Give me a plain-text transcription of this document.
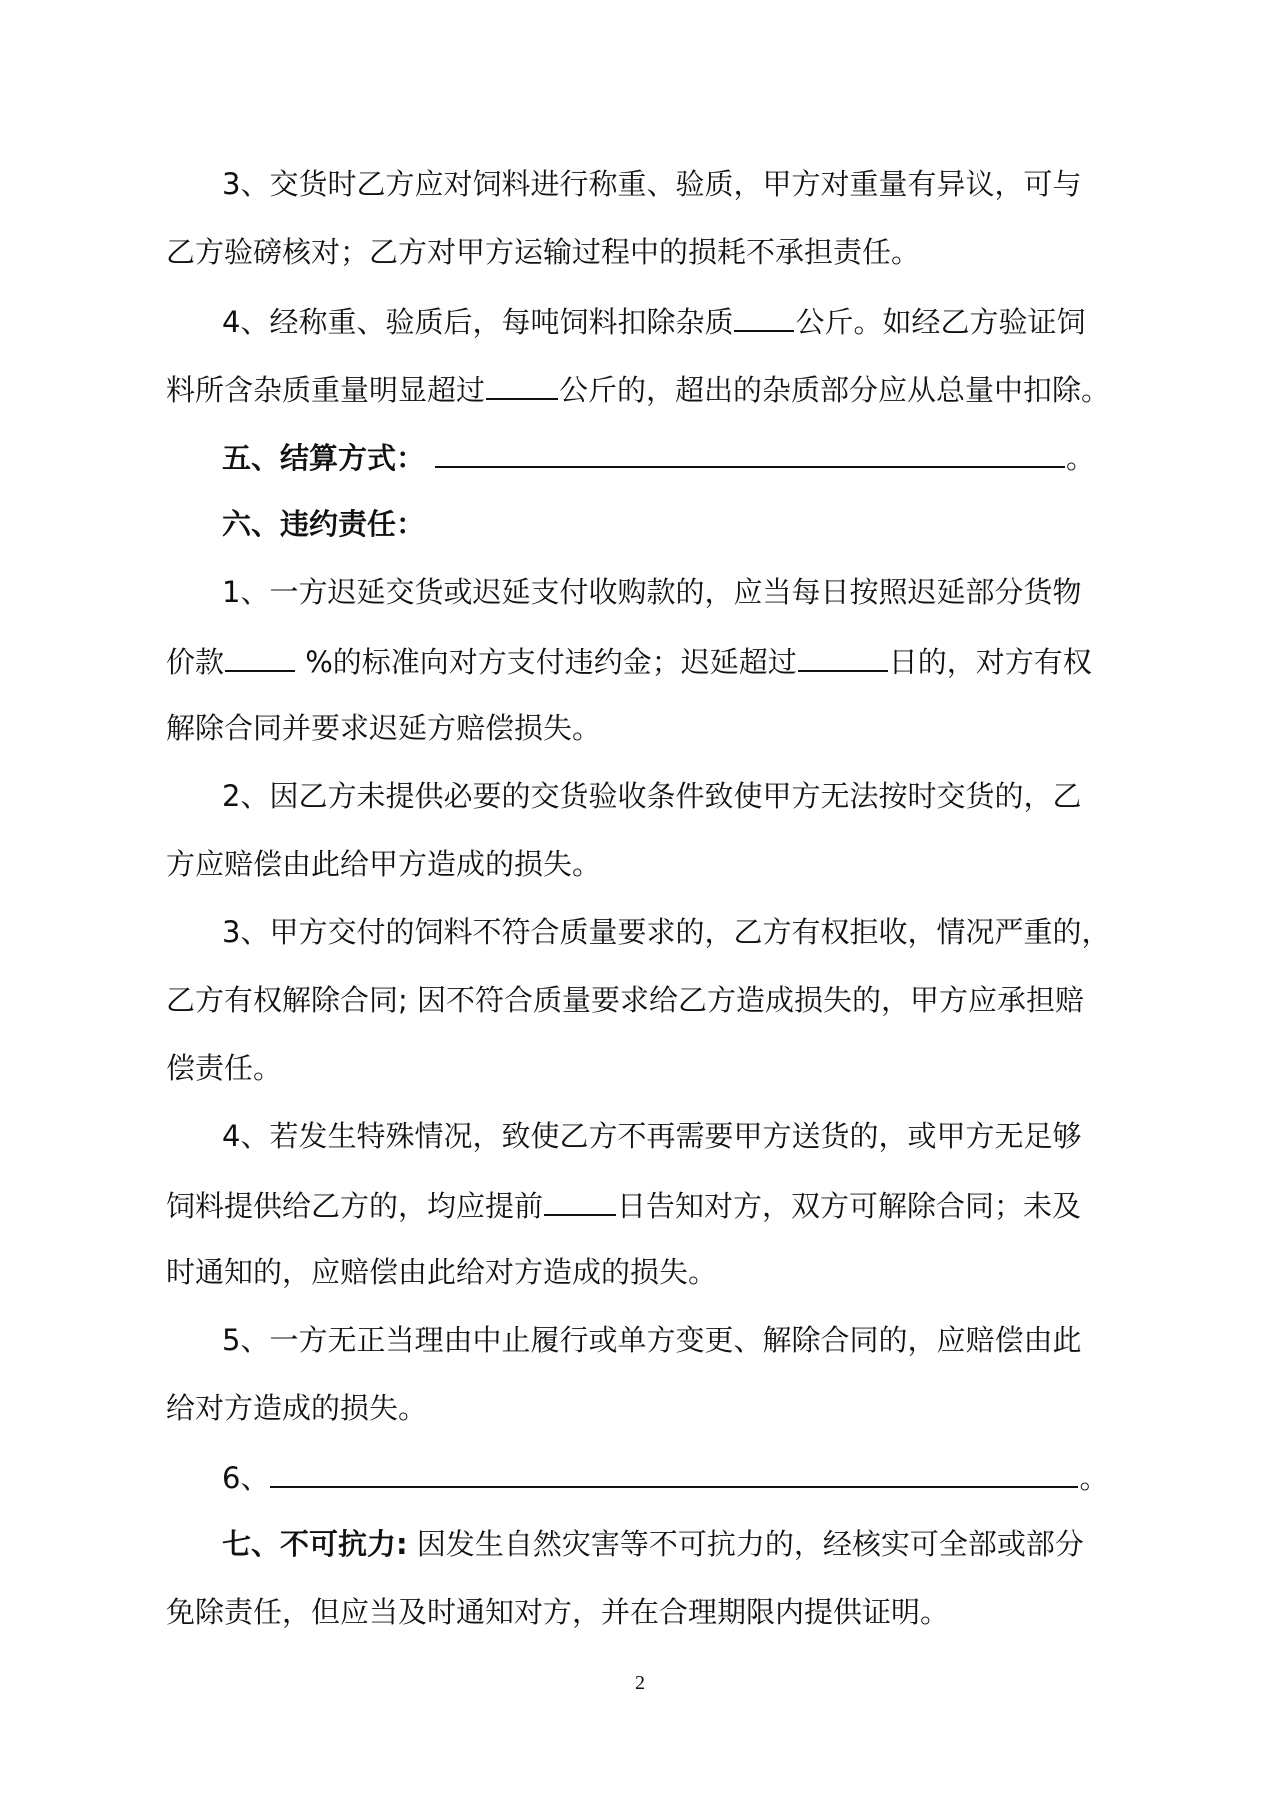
3、交货时乙方应对饲料进行称重、验质，甲方对重量有异议，可与
乙方验磅核对；乙方对甲方运输过程中的损耗不承担责任。
4、经称重、验质后，每吨饲料扣除杂质 公斤。如经乙方验证饲
料所含杂质重量明显超过	公斤的，超出的杂质部分应从总量中扣除。
五、结算方式：	。
六、违约责任：
1、一方迟延交货或迟延支付收购款的，应当每日按照迟延部分货物
价款 %的标准向对方支付违约金；迟延超过	日的，对方有权
解除合同并要求迟延方赔偿损失。
2、因乙方未提供必要的交货验收条件致使甲方无法按时交货的，乙
方应赔偿由此给甲方造成的损失。
3、甲方交付的饲料不符合质量要求的，乙方有权拒收，情况严重的，
乙方有权解除合同; 因不符合质量要求给乙方造成损失的，甲方应承担赔
偿责任。
4、若发生特殊情况，致使乙方不再需要甲方送货的，或甲方无足够
饲料提供给乙方的，均应提前	日告知对方，双方可解除合同；未及
时通知的，应赔偿由此给对方造成的损失。
5、一方无正当理由中止履行或单方变更、解除合同的，应赔偿由此
给对方造成的损失。
6、	。
七、不可抗力: 因发生自然灾害等不可抗力的，经核实可全部或部分
免除责任，但应当及时通知对方，并在合理期限内提供证明。
2
